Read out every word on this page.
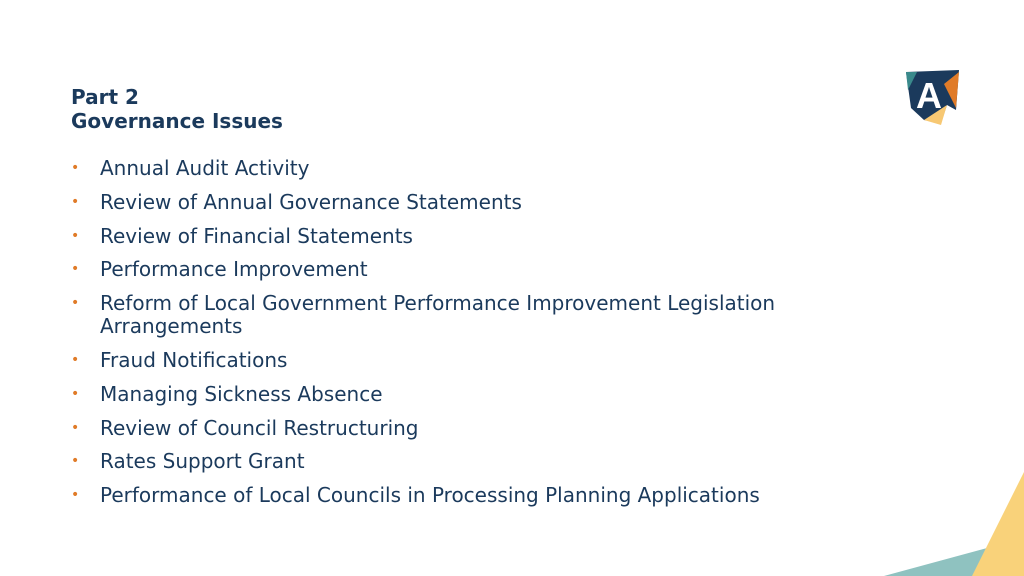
Part 2
Governance Issues
• Annual Audit Activity
• Review of Annual Governance Statements
• Review of Financial Statements
• Performance Improvement
• Reform of Local Government Performance Improvement Legislation Arrangements
• Fraud Notifications
• Managing Sickness Absence
• Review of Council Restructuring
• Rates Support Grant
• Performance of Local Councils in Processing Planning Applications
A
